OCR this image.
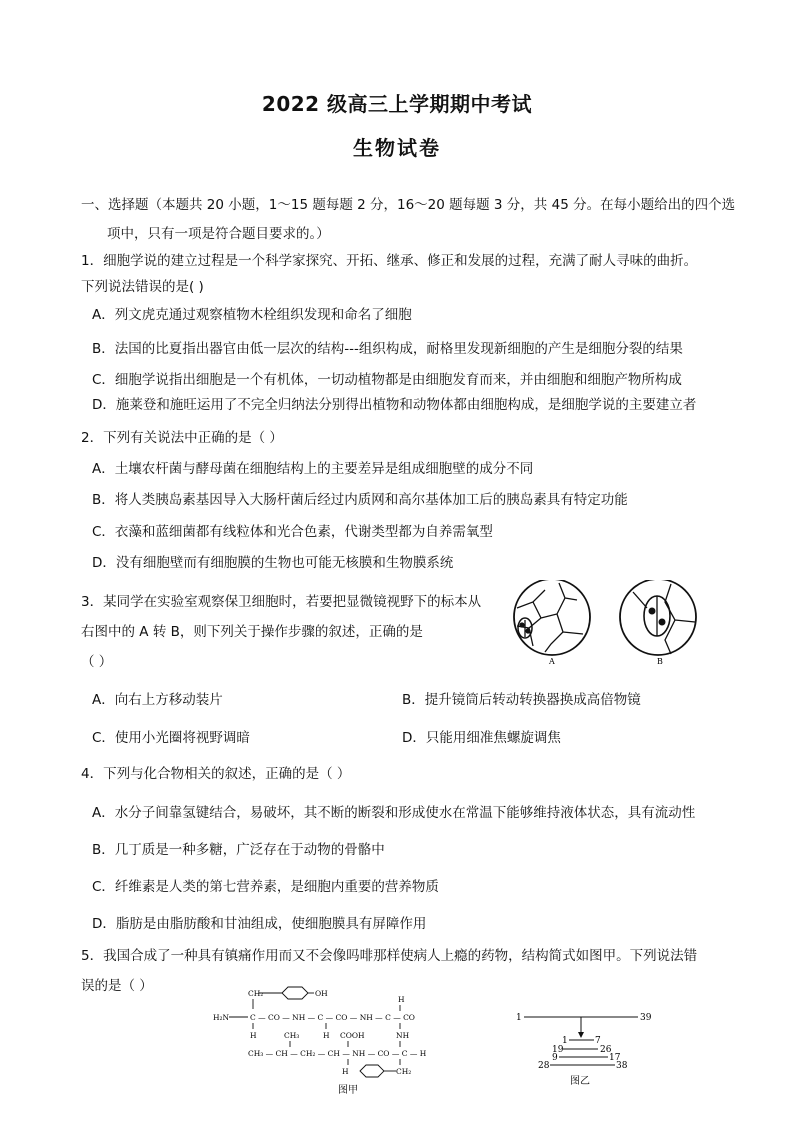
2022 级高三上学期期中考试
生物试卷
一、选择题（本题共 20 小题，1～15 题每题 2 分，16～20 题每题 3 分，共 45 分。在每小题给出的四个选
项中，只有一项是符合题目要求的。）
1．细胞学说的建立过程是一个科学家探究、开拓、继承、修正和发展的过程，充满了耐人寻味的曲折。
下列说法错误的是( )
A．列文虎克通过观察植物木栓组织发现和命名了细胞
B．法国的比夏指出器官由低一层次的结构---组织构成，耐格里发现新细胞的产生是细胞分裂的结果
C．细胞学说指出细胞是一个有机体，一切动植物都是由细胞发育而来，并由细胞和细胞产物所构成
D．施莱登和施旺运用了不完全归纳法分别得出植物和动物体都由细胞构成，是细胞学说的主要建立者
2．下列有关说法中正确的是（ ）
A．土壤农杆菌与酵母菌在细胞结构上的主要差异是组成细胞壁的成分不同
B．将人类胰岛素基因导入大肠杆菌后经过内质网和高尔基体加工后的胰岛素具有特定功能
C．衣藻和蓝细菌都有线粒体和光合色素，代谢类型都为自养需氧型
D．没有细胞壁而有细胞膜的生物也可能无核膜和生物膜系统
3．某同学在实验室观察保卫细胞时，若要把显微镜视野下的标本从
右图中的 A 转 B，则下列关于操作步骤的叙述，正确的是
（ ）	A	B
A．向右上方移动装片	B．提升镜筒后转动转换器换成高倍物镜
C．使用小光圈将视野调暗	D．只能用细准焦螺旋调焦
4．下列与化合物相关的叙述，正确的是（ ）
A．水分子间靠氢键结合，易破坏，其不断的断裂和形成使水在常温下能够维持液体状态，具有流动性
B．几丁质是一种多糖，广泛存在于动物的骨骼中
C．纤维素是人类的第七营养素，是细胞内重要的营养物质
D．脂肪是由脂肪酸和甘油组成，使细胞膜具有屏障作用
5．我国合成了一种具有镇痛作用而又不会像吗啡那样使病人上瘾的药物，结构简式如图甲。下列说法错
误的是（ ）	CH₂	OH
H
H₂N	C — CO — NH — C — CO — NH — C — CO
H	H	NH
CH₃	COOH
CH₃ — CH — CH₂ — CH — NH — CO — C — H
H	CH₂
图甲
1	39
1	7
19	26
9	17
28	38
图乙
